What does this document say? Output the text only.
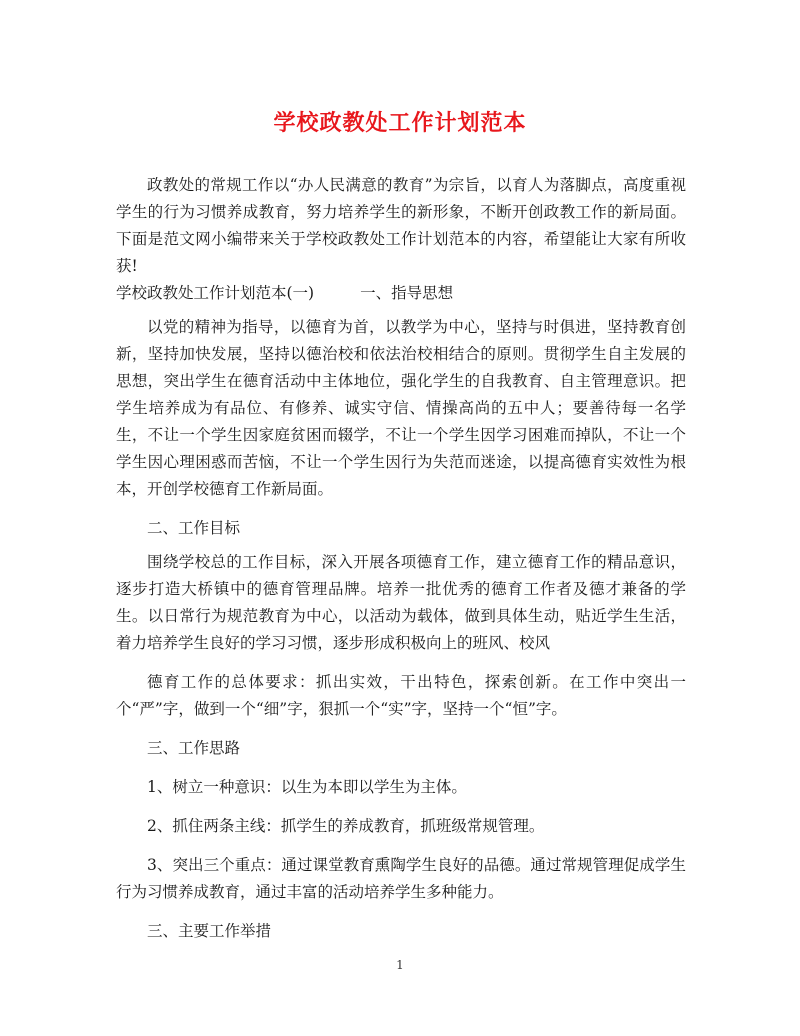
学校政教处工作计划范本

政教处的常规工作以“办人民满意的教育”为宗旨，以育人为落脚点，高度重视学生的行为习惯养成教育，努力培养学生的新形象，不断开创政教工作的新局面。下面是范文网小编带来关于学校政教处工作计划范本的内容，希望能让大家有所收获!

学校政教处工作计划范本(一)	一、指导思想

以党的精神为指导，以德育为首，以教学为中心，坚持与时俱进，坚持教育创新，坚持加快发展，坚持以德治校和依法治校相结合的原则。贯彻学生自主发展的思想，突出学生在德育活动中主体地位，强化学生的自我教育、自主管理意识。把学生培养成为有品位、有修养、诚实守信、情操高尚的五中人；要善待每一名学生，不让一个学生因家庭贫困而辍学，不让一个学生因学习困难而掉队，不让一个学生因心理困惑而苦恼，不让一个学生因行为失范而迷途，以提高德育实效性为根本，开创学校德育工作新局面。

二、工作目标

围绕学校总的工作目标，深入开展各项德育工作，建立德育工作的精品意识，逐步打造大桥镇中的德育管理品牌。培养一批优秀的德育工作者及德才兼备的学生。以日常行为规范教育为中心，以活动为载体，做到具体生动，贴近学生生活，着力培养学生良好的学习习惯，逐步形成积极向上的班风、校风

德育工作的总体要求：抓出实效，干出特色，探索创新。在工作中突出一个“严”字，做到一个“细”字，狠抓一个“实”字，坚持一个“恒”字。

三、工作思路

1、树立一种意识：以生为本即以学生为主体。

2、抓住两条主线：抓学生的养成教育，抓班级常规管理。

3、突出三个重点：通过课堂教育熏陶学生良好的品德。通过常规管理促成学生行为习惯养成教育，通过丰富的活动培养学生多种能力。

三、主要工作举措

1
